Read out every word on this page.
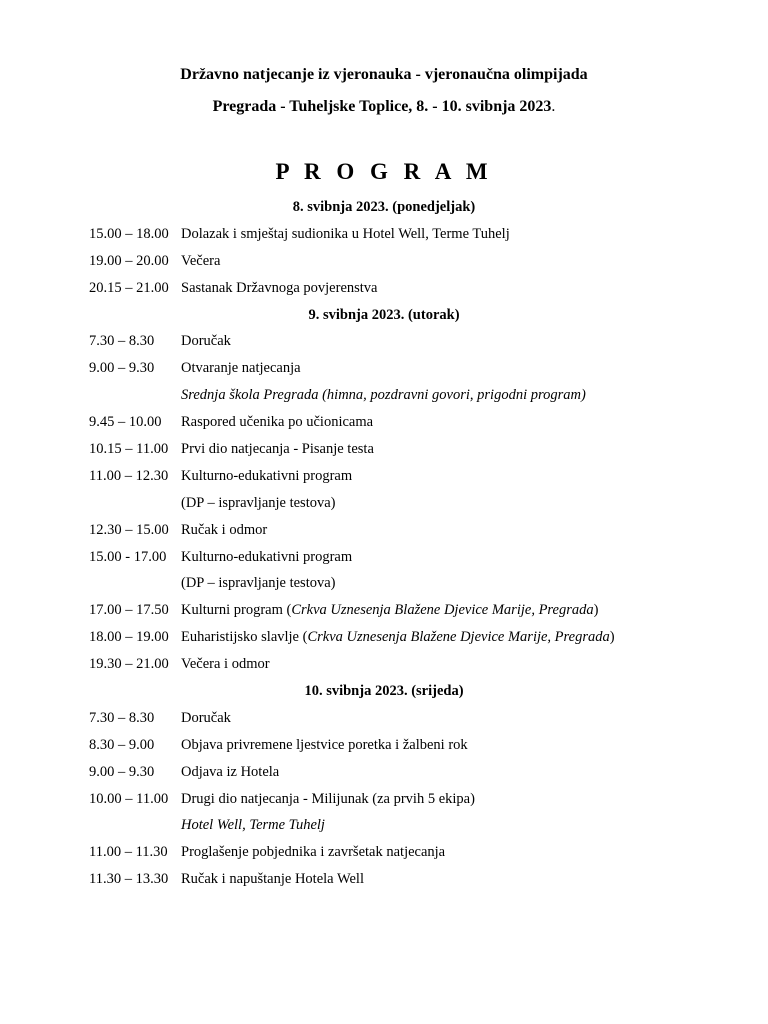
Državno natjecanje iz vjeronauka - vjeronaučna olimpijada
Pregrada - Tuheljske Toplice, 8. - 10. svibnja 2023.
P R O G R A M
8. svibnja 2023. (ponedjeljak)
15.00 – 18.00 Dolazak i smještaj sudionika u Hotel Well, Terme Tuhelj
19.00 – 20.00 Večera
20.15 – 21.00 Sastanak Državnoga povjerenstva
9. svibnja 2023. (utorak)
7.30 – 8.30 Doručak
9.00 – 9.30 Otvaranje natjecanja
Srednja škola Pregrada (himna, pozdravni govori, prigodni program)
9.45 – 10.00 Raspored učenika po učionicama
10.15 – 11.00 Prvi dio natjecanja - Pisanje testa
11.00 – 12.30 Kulturno-edukativni program
(DP – ispravljanje testova)
12.30 – 15.00 Ručak i odmor
15.00 - 17.00 Kulturno-edukativni program
(DP – ispravljanje testova)
17.00 – 17.50 Kulturni program (Crkva Uznesenja Blažene Djevice Marije, Pregrada)
18.00 – 19.00 Euharistijsko slavlje (Crkva Uznesenja Blažene Djevice Marije, Pregrada)
19.30 – 21.00 Večera i odmor
10. svibnja 2023. (srijeda)
7.30 – 8.30 Doručak
8.30 – 9.00 Objava privremene ljestvice poretka i žalbeni rok
9.00 – 9.30 Odjava iz Hotela
10.00 – 11.00 Drugi dio natjecanja - Milijunak (za prvih 5 ekipa)
Hotel Well, Terme Tuhelj
11.00 – 11.30 Proglašenje pobjednika i završetak natjecanja
11.30 – 13.30 Ručak i napuštanje Hotela Well
